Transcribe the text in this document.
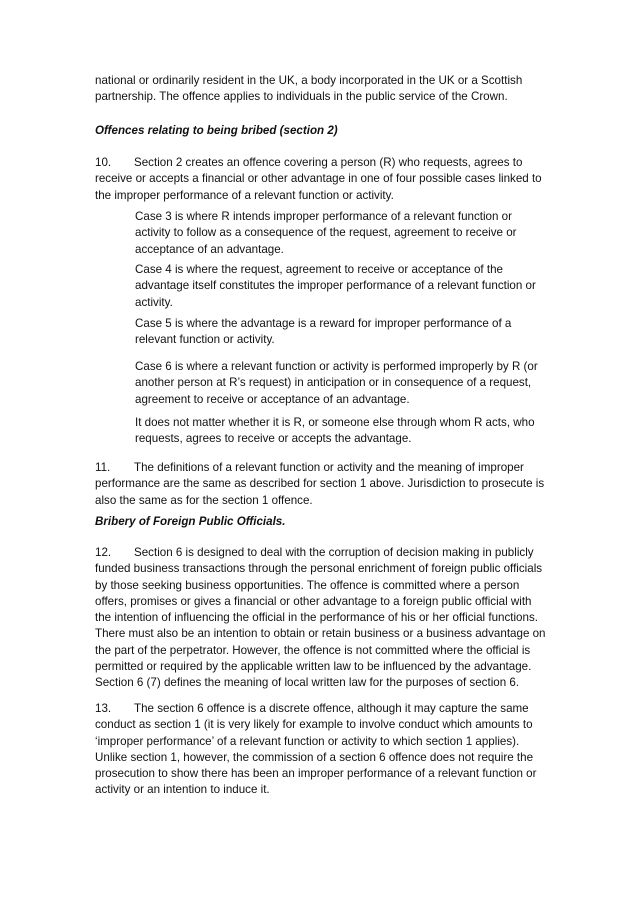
national or ordinarily resident in the UK, a body incorporated in the UK or a Scottish partnership. The offence applies to individuals in the public service of the Crown.

Offences relating to being bribed (section 2)

10. Section 2 creates an offence covering a person (R) who requests, agrees to receive or accepts a financial or other advantage in one of four possible cases linked to the improper performance of a relevant function or activity.

Case 3 is where R intends improper performance of a relevant function or activity to follow as a consequence of the request, agreement to receive or acceptance of an advantage.

Case 4 is where the request, agreement to receive or acceptance of the advantage itself constitutes the improper performance of a relevant function or activity.

Case 5 is where the advantage is a reward for improper performance of a relevant function or activity.

Case 6 is where a relevant function or activity is performed improperly by R (or another person at R’s request) in anticipation or in consequence of a request, agreement to receive or acceptance of an advantage.

It does not matter whether it is R, or someone else through whom R acts, who requests, agrees to receive or accepts the advantage.

11. The definitions of a relevant function or activity and the meaning of improper performance are the same as described for section 1 above. Jurisdiction to prosecute is also the same as for the section 1 offence.

Bribery of Foreign Public Officials.

12. Section 6 is designed to deal with the corruption of decision making in publicly funded business transactions through the personal enrichment of foreign public officials by those seeking business opportunities. The offence is committed where a person offers, promises or gives a financial or other advantage to a foreign public official with the intention of influencing the official in the performance of his or her official functions. There must also be an intention to obtain or retain business or a business advantage on the part of the perpetrator. However, the offence is not committed where the official is permitted or required by the applicable written law to be influenced by the advantage. Section 6 (7) defines the meaning of local written law for the purposes of section 6.

13. The section 6 offence is a discrete offence, although it may capture the same conduct as section 1 (it is very likely for example to involve conduct which amounts to ‘improper performance’ of a relevant function or activity to which section 1 applies). Unlike section 1, however, the commission of a section 6 offence does not require the prosecution to show there has been an improper performance of a relevant function or activity or an intention to induce it.
